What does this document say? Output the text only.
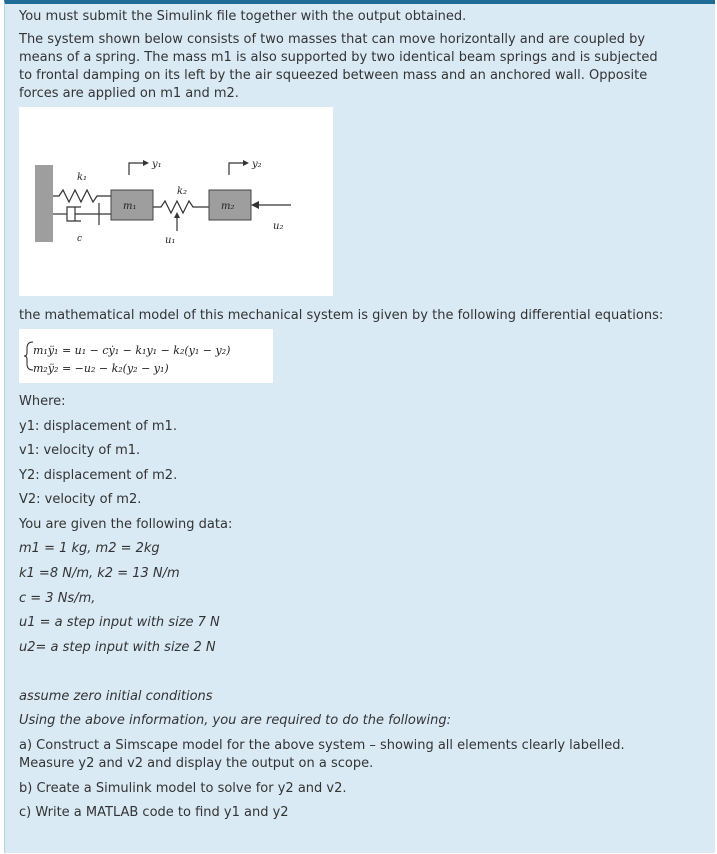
You must submit the Simulink file together with the output obtained.
The system shown below consists of two masses that can move horizontally and are coupled by
means of a spring. The mass m1 is also supported by two identical beam springs and is subjected
to frontal damping on its left by the air squeezed between mass and an anchored wall. Opposite
forces are applied on m1 and m2.
k₁
k₂
c
m₁	m₂
y₁	y₂
u₁
u₂
the mathematical model of this mechanical system is given by the following differential equations:
m₁ÿ₁ = u₁ − cẏ₁ − k₁y₁ − k₂(y₁ − y₂)
m₂ÿ₂ = −u₂ − k₂(y₂ − y₁)
Where:
y1: displacement of m1.
v1: velocity of m1.
Y2: displacement of m2.
V2: velocity of m2.
You are given the following data:
m1 = 1 kg, m2 = 2kg
k1 =8 N/m, k2 = 13 N/m
c = 3 Ns/m,
u1 = a step input with size 7 N
u2= a step input with size 2 N
assume zero initial conditions
Using the above information, you are required to do the following:
a) Construct a Simscape model for the above system – showing all elements clearly labelled.
Measure y2 and v2 and display the output on a scope.
b) Create a Simulink model to solve for y2 and v2.
c) Write a MATLAB code to find y1 and y2
